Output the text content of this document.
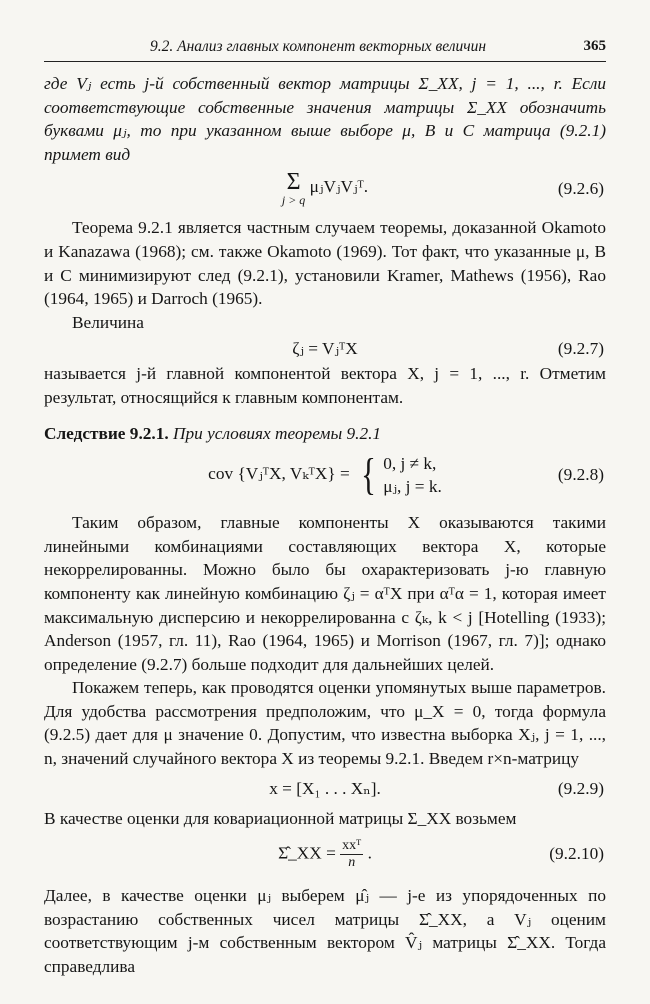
9.2. Анализ главных компонент векторных величин	365

где Vⱼ есть j-й собственный вектор матрицы Σ_XX, j = 1, ..., r. Если соответствующие собственные значения матрицы Σ_XX обозначить буквами μⱼ, то при указанном выше выборе μ, B и C матрица (9.2.1) примет вид

Σ
j > q
μⱼVⱼVⱼᵀ.	(9.2.6)

Теорема 9.2.1 является частным случаем теоремы, доказанной Okamoto и Kanazawa (1968); см. также Okamoto (1969). Тот факт, что указанные μ, B и C минимизируют след (9.2.1), установили Kramer, Mathews (1956), Rao (1964, 1965) и Darroch (1965).

Величина

ζⱼ = VⱼᵀX	(9.2.7)

называется j-й главной компонентой вектора X, j = 1, ..., r. Отметим результат, относящийся к главным компонентам.

Следствие 9.2.1. При условиях теоремы 9.2.1

cov {VⱼᵀX, VₖᵀX} = { 0, j ≠ k,
μⱼ, j = k.
(9.2.8)

Таким образом, главные компоненты X оказываются такими линейными комбинациями составляющих вектора X, которые некоррелированны. Можно было бы охарактеризовать j-ю главную компоненту как линейную комбинацию ζⱼ = αᵀX при αᵀα = 1, которая имеет максимальную дисперсию и некоррелированна с ζₖ, k < j [Hotelling (1933); Anderson (1957, гл. 11), Rao (1964, 1965) и Morrison (1967, гл. 7)]; однако определение (9.2.7) больше подходит для дальнейших целей.

Покажем теперь, как проводятся оценки упомянутых выше параметров. Для удобства рассмотрения предположим, что μ_X = 0, тогда формула (9.2.5) дает для μ значение 0. Допустим, что известна выборка Xⱼ, j = 1, ..., n, значений случайного вектора X из теоремы 9.2.1. Введем r×n-матрицу

x = [X₁ . . . Xₙ].	(9.2.9)

В качестве оценки для ковариационной матрицы Σ_XX возьмем

Σ̂_XX = $\frac{\text{xxᵀ}}{n}$ .	(9.2.10)

Далее, в качестве оценки μⱼ выберем μ̂ⱼ — j-е из упорядоченных по возрастанию собственных чисел матрицы Σ̂_XX, а Vⱼ оценим соответствующим j-м собственным вектором V̂ⱼ матрицы Σ̂_XX. Тогда справедлива
